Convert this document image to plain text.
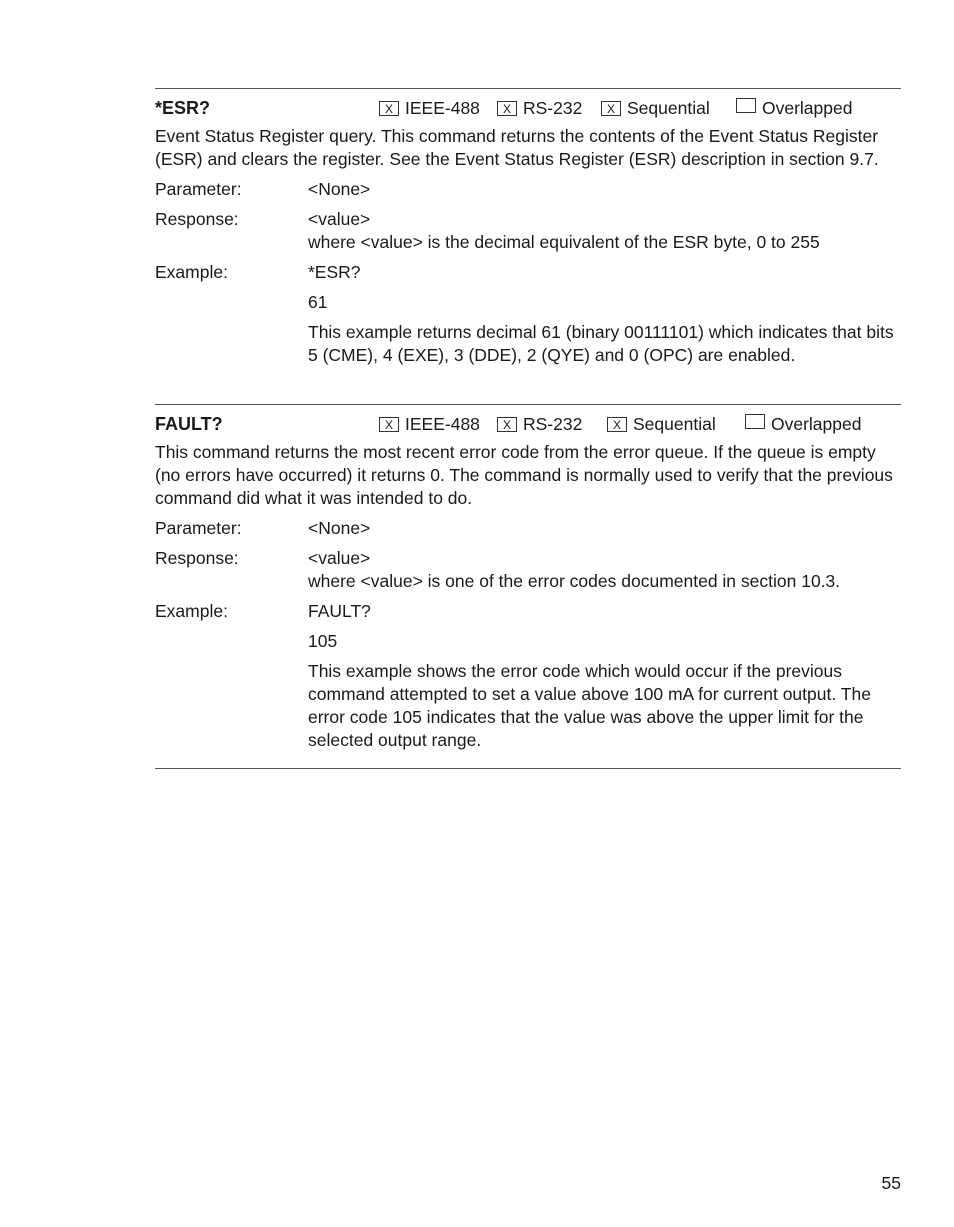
*ESR?	X IEEE-488	X RS-232	X Sequential	Overlapped
Event Status Register query. This command returns the contents of the Event Status Register (ESR) and clears the register. See the Event Status Register (ESR) description in section 9.7.
Parameter:	<None>
Response:	<value>
where <value> is the decimal equivalent of the ESR byte, 0 to 255
Example:	*ESR?
61
This example returns decimal 61 (binary 00111101) which indicates that bits 5 (CME), 4 (EXE), 3 (DDE), 2 (QYE) and 0 (OPC) are enabled.
FAULT?	X IEEE-488	X RS-232	X Sequential	Overlapped
This command returns the most recent error code from the error queue. If the queue is empty (no errors have occurred) it returns 0. The command is normally used to verify that the previous command did what it was intended to do.
Parameter:	<None>
Response:	<value>
where <value> is one of the error codes documented in section 10.3.
Example:	FAULT?
105
This example shows the error code which would occur if the previous command attempted to set a value above 100 mA for current output. The error code 105 indicates that the value was above the upper limit for the selected output range.
55
